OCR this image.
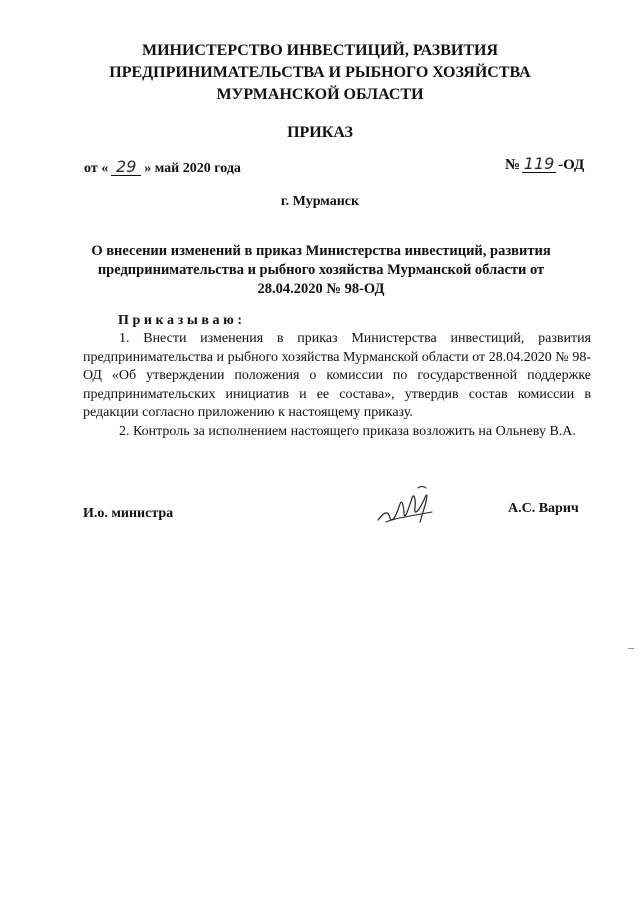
МИНИСТЕРСТВО ИНВЕСТИЦИЙ, РАЗВИТИЯ
ПРЕДПРИНИМАТЕЛЬСТВА И РЫБНОГО ХОЗЯЙСТВА
МУРМАНСКОЙ ОБЛАСТИ
ПРИКАЗ
от « 29 » май 2020 года	№ 119 -ОД
г. Мурманск
О внесении изменений в приказ Министерства инвестиций, развития
предпринимательства и рыбного хозяйства Мурманской области от
28.04.2020 № 98-ОД
Приказываю:

1. Внести изменения в приказ Министерства инвестиций, развития предпринимательства и рыбного хозяйства Мурманской области от 28.04.2020 № 98-ОД «Об утверждении положения о комиссии по государственной поддержке предпринимательских инициатив и ее состава», утвердив состав комиссии в редакции согласно приложению к настоящему приказу.

2. Контроль за исполнением настоящего приказа возложить на Ольневу В.А.

И.о. министра	А.С. Варич
